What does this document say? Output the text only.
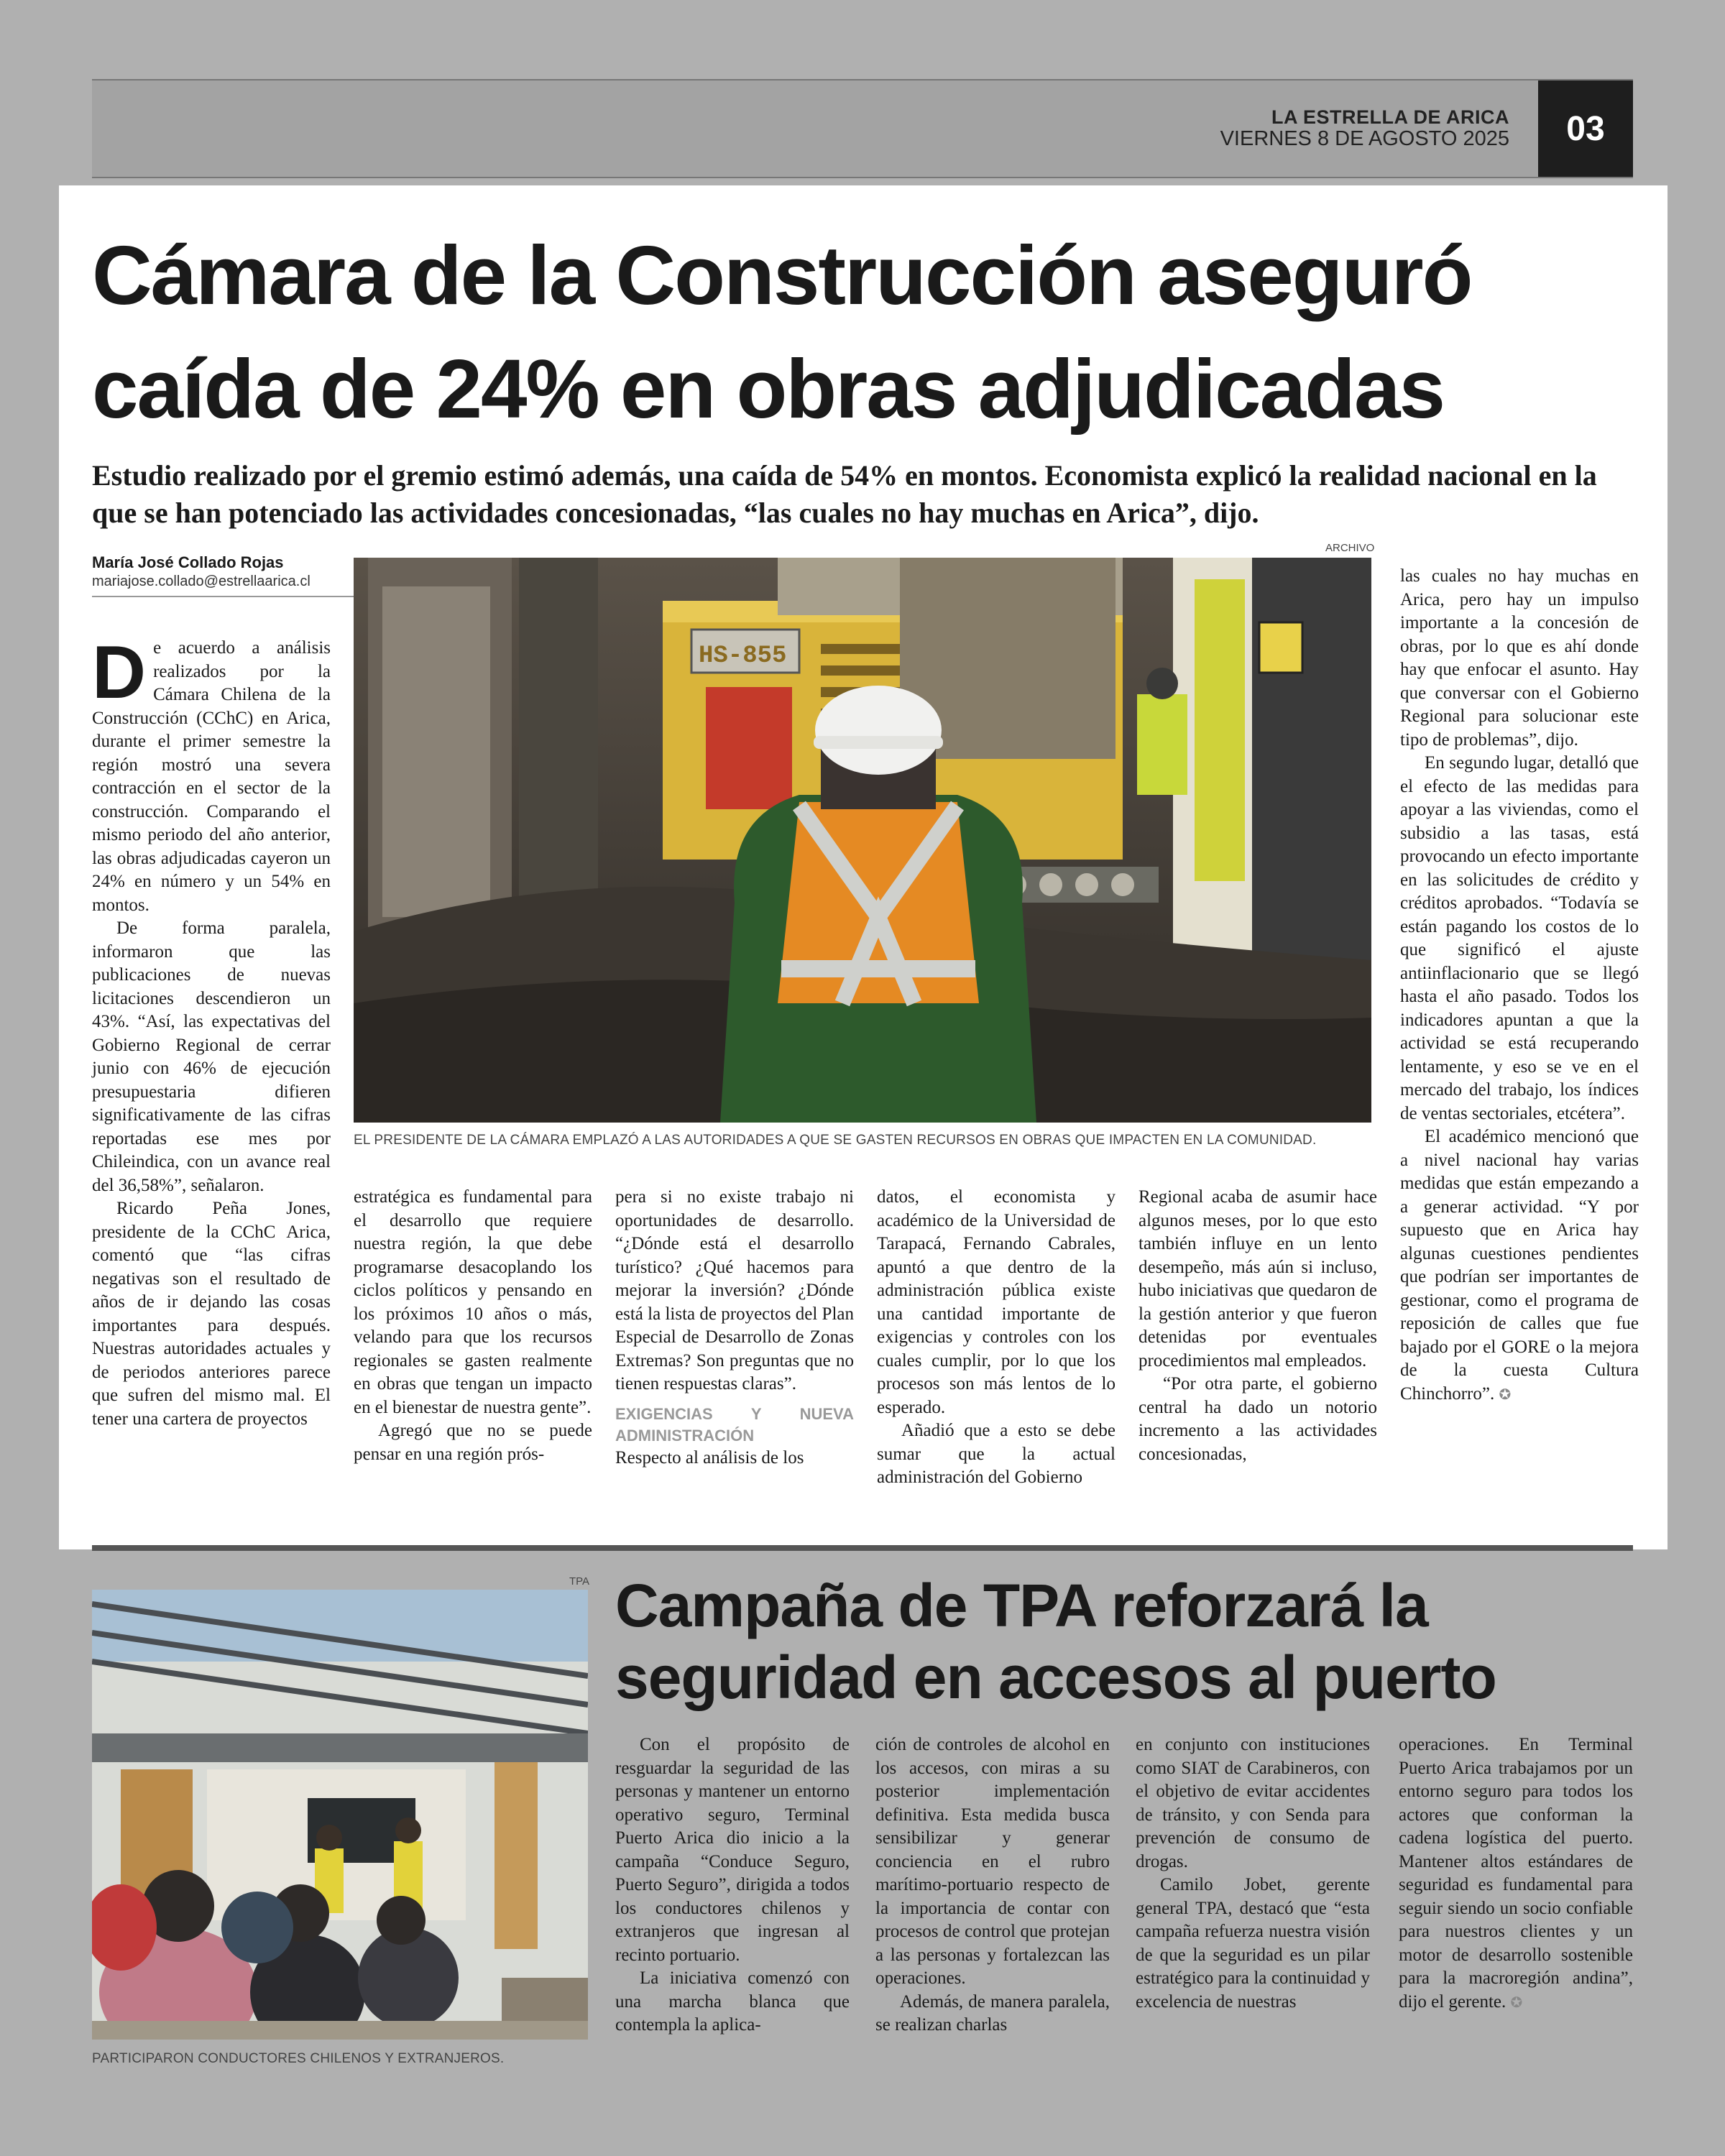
LA ESTRELLA DE ARICA
VIERNES 8 DE AGOSTO 2025	03
Cámara de la Construcción aseguró caída de 24% en obras adjudicadas

Estudio realizado por el gremio estimó además, una caída de 54% en montos. Economista explicó la realidad nacional en la que se han potenciado las actividades concesionadas, “las cuales no hay muchas en Arica”, dijo.

María José Collado Rojas
mariajose.collado@estrellaarica.cl
ARCHIVO
HS-855
EL PRESIDENTE DE LA CÁMARA EMPLAZÓ A LAS AUTORIDADES A QUE SE GASTEN RECURSOS EN OBRAS QUE IMPACTEN EN LA COMUNIDAD.

De acuerdo a análisis realizados por la Cámara Chilena de la Construcción (CChC) en Arica, durante el primer semestre la región mostró una severa contracción en el sector de la construcción. Comparando el mismo periodo del año anterior, las obras adjudicadas cayeron un 24% en número y un 54% en montos.

De forma paralela, informaron que las publicaciones de nuevas licitaciones descendieron un 43%. “Así, las expectativas del Gobierno Regional de cerrar junio con 46% de ejecución presupuestaria difieren significativamente de las cifras reportadas ese mes por Chileindica, con un avance real del 36,58%”, señalaron.

Ricardo Peña Jones, presidente de la CChC Arica, comentó que “las cifras negativas son el resultado de años de ir dejando las cosas importantes para después. Nuestras autoridades actuales y de periodos anteriores parece que sufren del mismo mal. El tener una cartera de proyectos

estratégica es fundamental para el desarrollo que requiere nuestra región, la que debe programarse desacoplando los ciclos políticos y pensando en los próximos 10 años o más, velando para que los recursos regionales se gasten realmente en obras que tengan un impacto en el bienestar de nuestra gente”.

Agregó que no se puede pensar en una región prós-

pera si no existe trabajo ni oportunidades de desarrollo. “¿Dónde está el desarrollo turístico? ¿Qué hacemos para mejorar la inversión? ¿Dónde está la lista de proyectos del Plan Especial de Desarrollo de Zonas Extremas? Son preguntas que no tienen respuestas claras”.

EXIGENCIAS Y NUEVA ADMINISTRACIÓN

Respecto al análisis de los

datos, el economista y académico de la Universidad de Tarapacá, Fernando Cabrales, apuntó a que dentro de la administración pública existe una cantidad importante de exigencias y controles con los cuales cumplir, por lo que los procesos son más lentos de lo esperado.

Añadió que a esto se debe sumar que la actual administración del Gobierno

Regional acaba de asumir hace algunos meses, por lo que esto también influye en un lento desempeño, más aún si incluso, hubo iniciativas que quedaron de la gestión anterior y que fueron detenidas por eventuales procedimientos mal empleados.

“Por otra parte, el gobierno central ha dado un notorio incremento a las actividades concesionadas,

las cuales no hay muchas en Arica, pero hay un impulso importante a la concesión de obras, por lo que es ahí donde hay que enfocar el asunto. Hay que conversar con el Gobierno Regional para solucionar este tipo de problemas”, dijo.

En segundo lugar, detalló que el efecto de las medidas para apoyar a las viviendas, como el subsidio a las tasas, está provocando un efecto importante en las solicitudes de crédito y créditos aprobados. “Todavía se están pagando los costos de lo que significó el ajuste antiinflacionario que se llegó hasta el año pasado. Todos los indicadores apuntan a que la actividad se está recuperando lentamente, y eso se ve en el mercado del trabajo, los índices de ventas sectoriales, etcétera”.

El académico mencionó que a nivel nacional hay varias medidas que están empezando a a generar actividad. “Y por supuesto que en Arica hay algunas cuestiones pendientes que podrían ser importantes de gestionar, como el programa de reposición de calles que fue bajado por el GORE o la mejora de la cuesta Cultura Chinchorro”. ✪

TPA
PARTICIPARON CONDUCTORES CHILENOS Y EXTRANJEROS.
Campaña de TPA reforzará la seguridad en accesos al puerto

Con el propósito de resguardar la seguridad de las personas y mantener un entorno operativo seguro, Terminal Puerto Arica dio inicio a la campaña “Conduce Seguro, Puerto Seguro”, dirigida a todos los conductores chilenos y extranjeros que ingresan al recinto portuario.

La iniciativa comenzó con una marcha blanca que contempla la aplica-

ción de controles de alcohol en los accesos, con miras a su posterior implementación definitiva. Esta medida busca sensibilizar y generar conciencia en el rubro marítimo-portuario respecto de la importancia de contar con procesos de control que protejan a las personas y fortalezcan las operaciones.

Además, de manera paralela, se realizan charlas

en conjunto con instituciones como SIAT de Carabineros, con el objetivo de evitar accidentes de tránsito, y con Senda para prevención de consumo de drogas.

Camilo Jobet, gerente general TPA, destacó que “esta campaña refuerza nuestra visión de que la seguridad es un pilar estratégico para la continuidad y excelencia de nuestras

operaciones. En Terminal Puerto Arica trabajamos por un entorno seguro para todos los actores que conforman la cadena logística del puerto. Mantener altos estándares de seguridad es fundamental para seguir siendo un socio confiable para nuestros clientes y un motor de desarrollo sostenible para la macroregión andina”, dijo el gerente. ✪
